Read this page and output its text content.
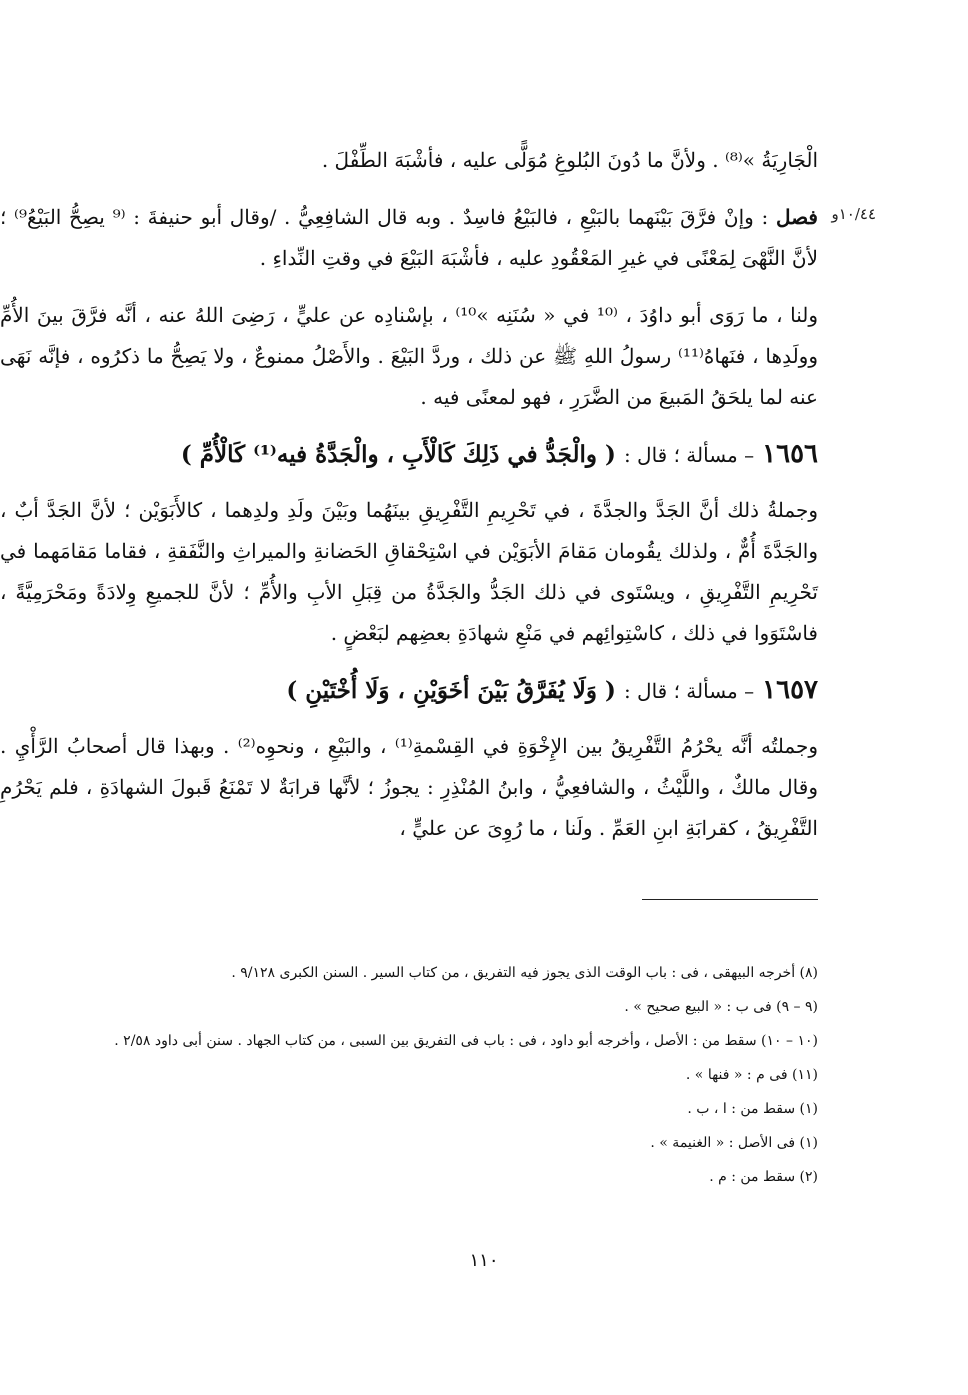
١٠/٤٤و

الْجَارِيَةُ »⁽⁸⁾ . ولأنَّ ما دُونَ البُلوغِ مُوَلًّى عليه ، فأشْبَهَ الطِّفْلَ .

فصل : وإنْ فرَّقَ بَيْنَهما بالبَيْعِ ، فالبَيْعُ فاسِدٌ . وبه قال الشافِعِيُّ . /وقال أبو حنيفةَ : ⁽⁹ يصِحُّ البَيْعُ⁹⁾ ؛ لأنَّ النَّهْىَ لِمَعْنًى في غيرِ المَعْقُودِ عليه ، فأشْبَهَ البَيْعَ في وقتِ النِّداءِ .

ولنا ، ما رَوَى أبو داوُدَ ، ⁽¹⁰ في « سُنَنِه »¹⁰⁾ ، بإسْنادِه عن عليٍّ ، رَضِىَ اللهُ عنه ، أنَّه فرَّقَ بينَ الأُمِّ وولَدِها ، فنَهاهُ⁽¹¹⁾ رسولُ اللهِ ﷺ عن ذلك ، وردَّ البَيْعَ . والأَصْلُ ممنوعٌ ، ولا يَصِحُّ ما ذكرُوه ، فإنَّه نَهَى عنه لما يلحَقُ المَبيعَ من الضَّرَرِ ، فهو لمعنًى فيه .

١٦٥٦ – مسألة ؛ قال : ( والْجَدُّ في ذَلِكَ كَالْأَبِ ، والْجَدَّةُ فيه⁽¹⁾ كَالْأُمِّ )

وجملةُ ذلك أنَّ الجَدَّ والجدَّةَ ، في تَحْرِيمِ التَّفْرِيقِ بينَهُما وبَيْنَ ولَدِ ولدِهما ، كالأَبَوَيْن ؛ لأنَّ الجَدَّ أبٌ ، والجَدَّةَ أُمٌّ ، ولذلك يقُومان مَقامَ الأبَوَيْن في اسْتِحْقاقِ الحَضانةِ والميراثِ والنَّفَقةِ ، فقاما مَقامَهما في تَحْرِيمِ التَّفْرِيقِ ، ويسْتَوى في ذلك الجَدُّ والجَدَّةُ من قِبَلِ الأبِ والأُمِّ ؛ لأنَّ للجميعِ وِلادَةً ومَحْرَمِيَّةً ، فاسْتَوَوا في ذلك ، كاسْتِوائِهم في مَنْعِ شهادَةِ بعضِهم لبَعْضٍ .

١٦٥٧ – مسألة ؛ قال : ( وَلَا يُفَرَّقُ بَيْنَ أخَوَيْنِ ، وَلَا أُخْتَيْنِ )

وجملتُه أنَّه يحْرُمُ التَّفْرِيقُ بين الإِخْوَةِ في القِسْمةِ⁽¹⁾ ، والبَيْعِ ، ونحوِه⁽²⁾ . وبهذا قال أصحابُ الرَّأْيِ . وقال مالكٌ ، واللَّيْثُ ، والشافعِيُّ ، وابنُ المُنْذِرِ : يجوزُ ؛ لأنَّها قرابَةٌ لا تَمْنَعُ قَبولَ الشهادَةِ ، فلم يَحْرُمِ التَّفْرِيقُ ، كقرابَةِ ابنِ العَمِّ . ولَنا ، ما رُوِىَ عن عليٍّ ،

(٨) أخرجه البيهقى ، فى : باب الوقت الذى يجوز فيه التفريق ، من كتاب السير . السنن الكبرى ٩/١٢٨ .
(٩ – ٩) فى ب : « البيع صحيح » .
(١٠ – ١٠) سقط من : الأصل ، وأخرجه أبو داود ، فى : باب فى التفريق بين السبى ، من كتاب الجهاد . سنن أبى داود ٢/٥٨ .
(١١) فى م : « فنها » .
(١) سقط من : ا ، ب .
(١) فى الأصل : « الغنيمة » .
(٢) سقط من : م .
١١٠
